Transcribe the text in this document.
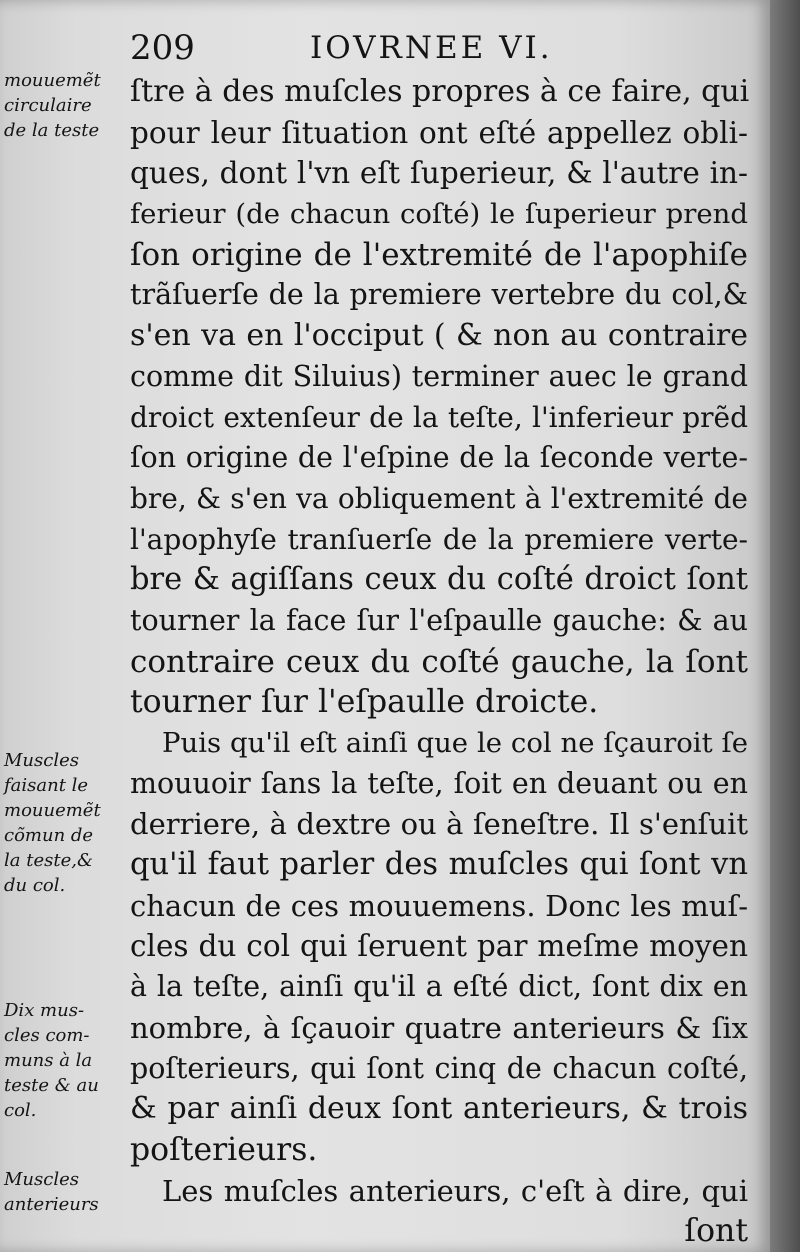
209	IOVRNEE VI.
mouuemẽt
circulaire
de la teste
Muscles
faisant le
mouuemẽt
cõmun de
la teste,&
du col.
Dix mus-
cles com-
muns à la
teste & au
col.
Muscles
anterieurs
ſtre à des muſcles propres à ce faire, qui
pour leur ſituation ont eſté appellez obli-
ques, dont l'vn eſt ſuperieur, & l'autre in-
ferieur (de chacun coſté) le ſuperieur prend
ſon origine de l'extremité de l'apophiſe
trãſuerſe de la premiere vertebre du col,&
s'en va en l'occiput ( & non au contraire
comme dit Siluius) terminer auec le grand
droict extenſeur de la teſte, l'inferieur prẽd
ſon origine de l'eſpine de la ſeconde verte-
bre, & s'en va obliquement à l'extremité de
l'apophyſe tranſuerſe de la premiere verte-
bre & agiſſans ceux du coſté droict ſont
tourner la face ſur l'eſpaulle gauche: & au
contraire ceux du coſté gauche, la ſont
tourner ſur l'eſpaulle droicte.
Puis qu'il eſt ainſi que le col ne ſçauroit ſe
mouuoir ſans la teſte, ſoit en deuant ou en
derriere, à dextre ou à ſeneſtre. Il s'enſuit
qu'il faut parler des muſcles qui ſont vn
chacun de ces mouuemens. Donc les muſ-
cles du col qui ſeruent par meſme moyen
à la teſte, ainſi qu'il a eſté dict, ſont dix en
nombre, à ſçauoir quatre anterieurs & ſix
poſterieurs, qui ſont cinq de chacun coſté,
& par ainſi deux ſont anterieurs, & trois
poſterieurs.
Les muſcles anterieurs, c'eſt à dire, qui
ſont
